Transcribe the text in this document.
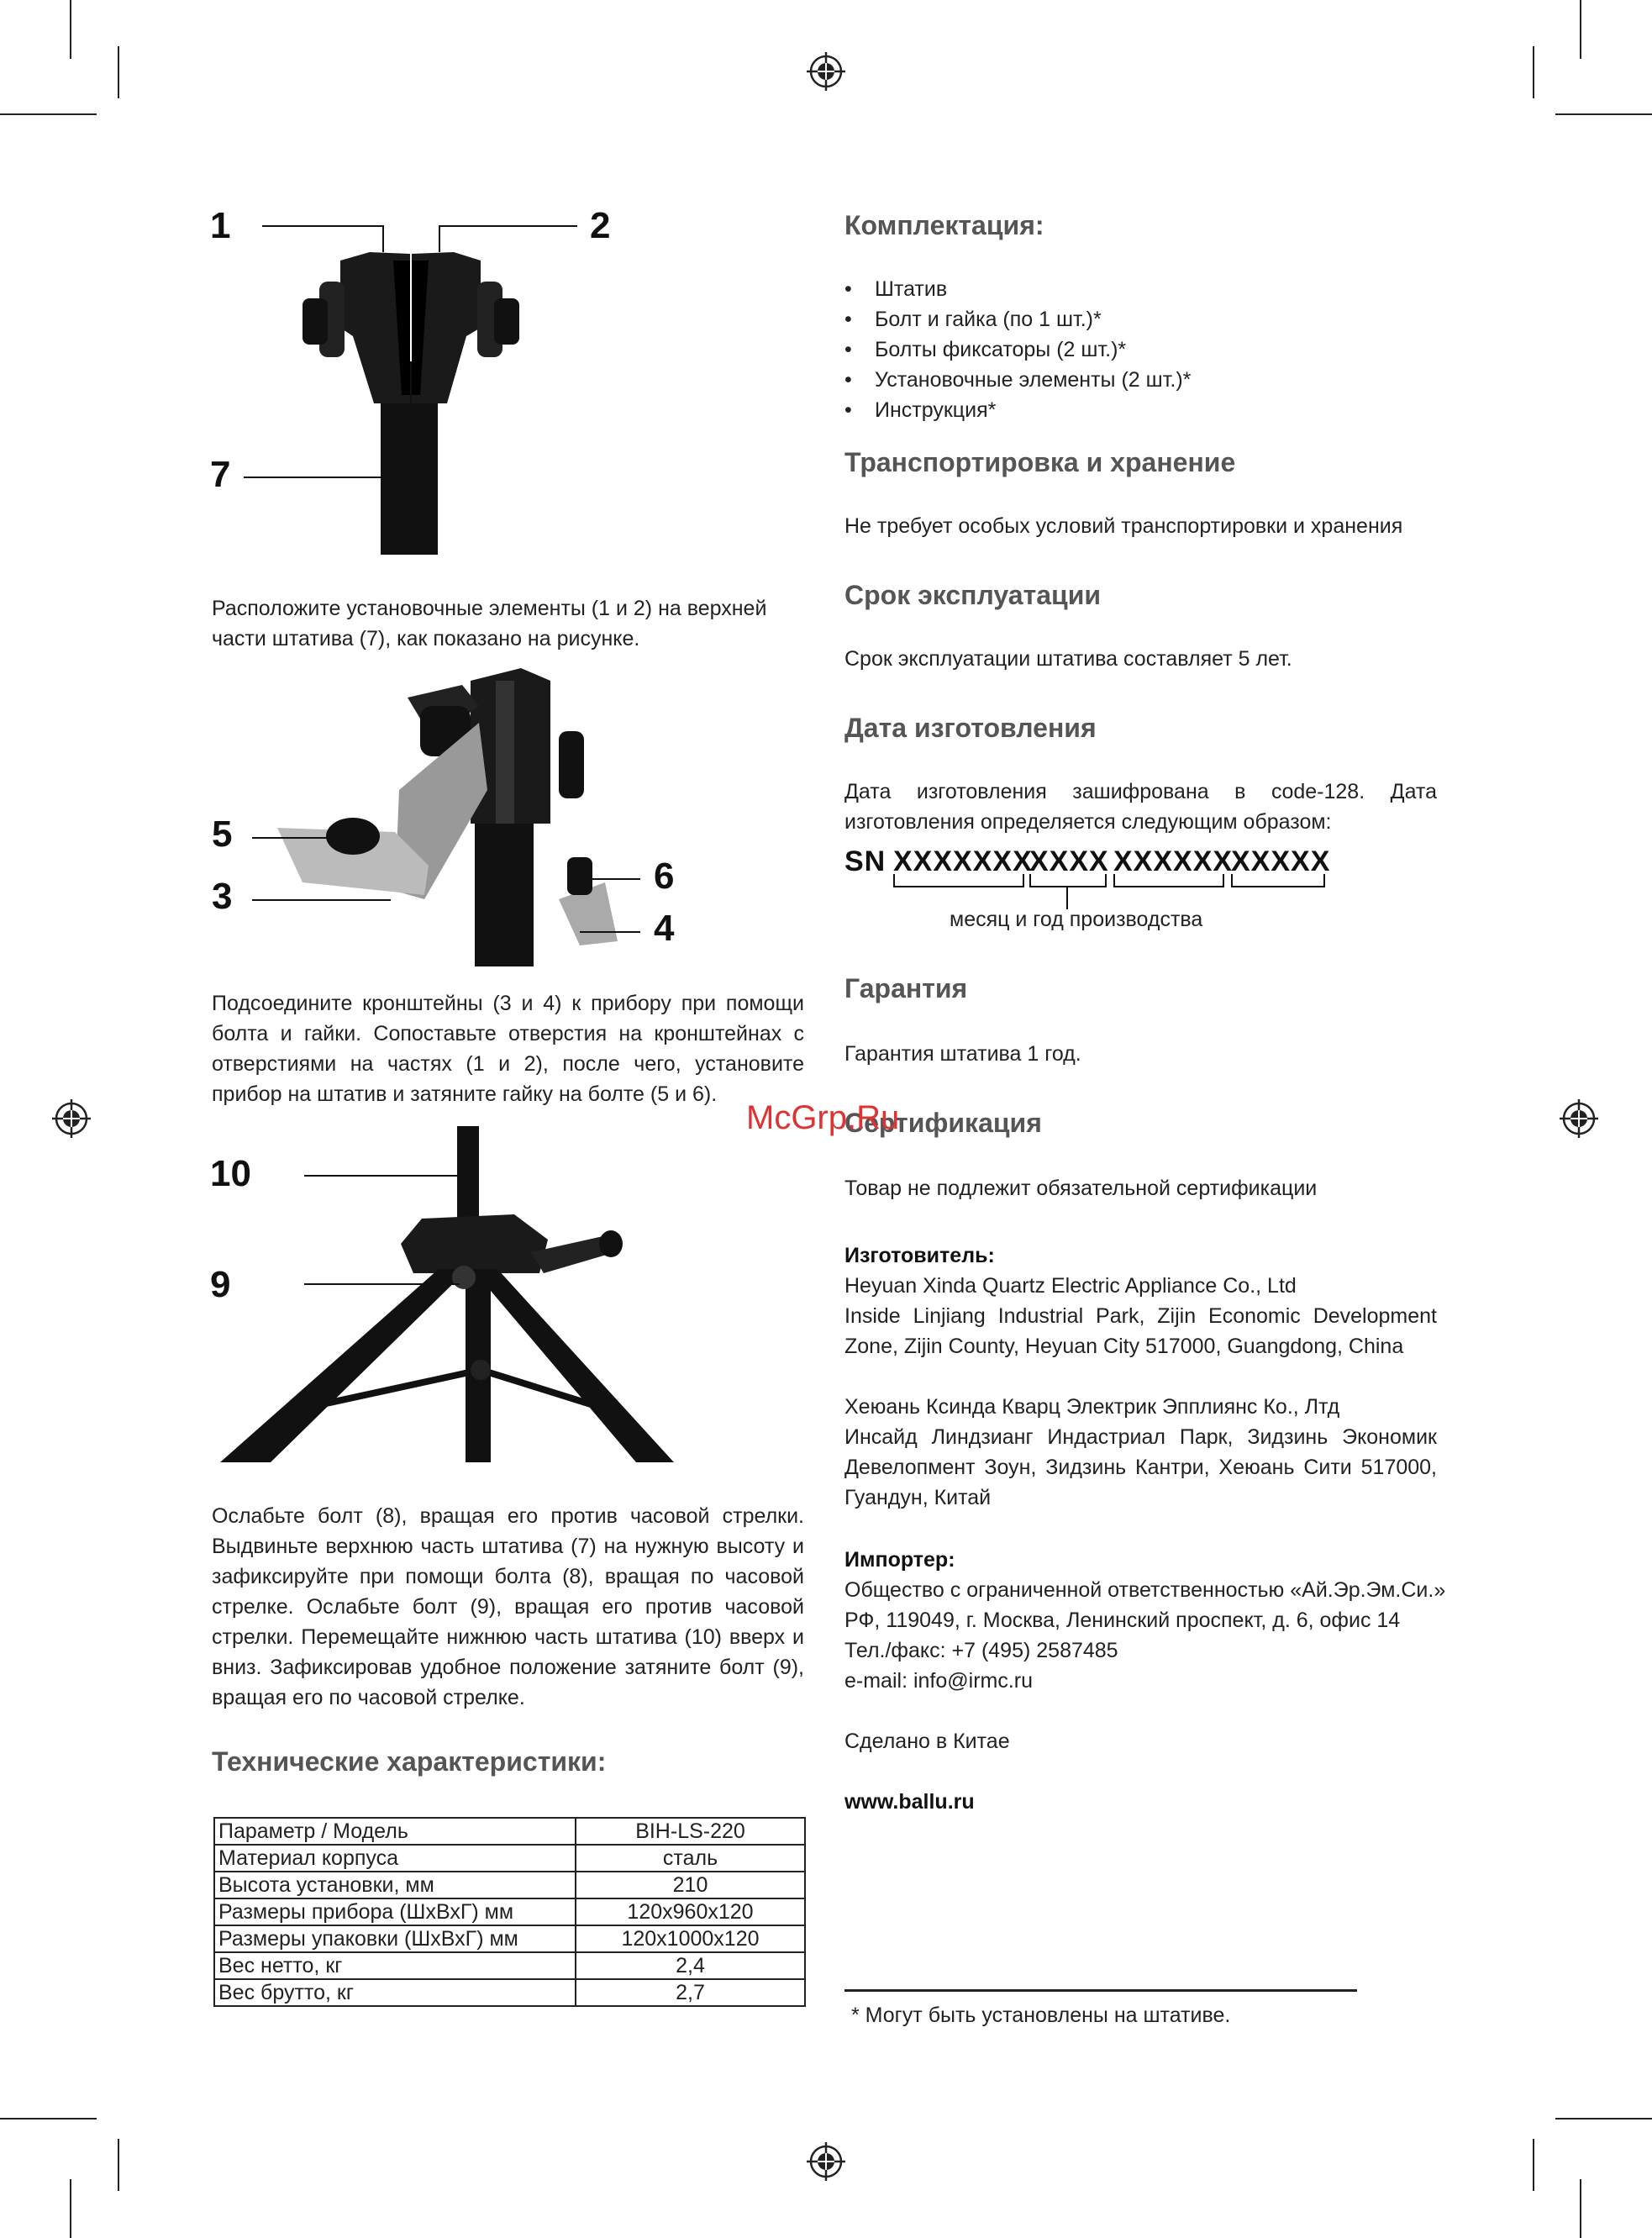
1	2
7
Расположите установочные элементы (1 и 2) на верхней части штатива (7), как показано на рисунке.
5
3	6
4
Подсоедините кронштейны (3 и 4) к прибору при помощи болта и гайки. Сопоставьте отверстия на кронштейнах с отверстиями на частях (1 и 2), после чего, установите прибор на штатив и затяните гайку на болте (5 и 6).
10
9
Ослабьте болт (8), вращая его против часовой стрелки. Выдвиньте верхнюю часть штатива (7) на нужную высоту и зафиксируйте при помощи болта (8), вращая по часовой стрелке. Ослабьте болт (9), вращая его против часовой стрелки. Перемещайте нижнюю часть штатива (10) вверх и вниз. Зафиксировав удобное положение затяните болт (9), вращая его по часовой стрелке.
Технические характеристики:
Параметр / Модель	BIH-LS-220
Материал корпуса	сталь
Высота установки, мм	210
Размеры прибора (ШхВхГ) мм	120х960х120
Размеры упаковки (ШхВхГ) мм	120х1000х120
Вес нетто, кг	2,4
Вес брутто, кг	2,7
Комплектация:
• Штатив
• Болт и гайка (по 1 шт.)*
• Болты фиксаторы (2 шт.)*
• Установочные элементы (2 шт.)*
• Инструкция*
Транспортировка и хранение
Не требует особых условий транспортировки и хранения
Срок эксплуатации
Срок эксплуатации штатива составляет 5 лет.
Дата изготовления
Дата изготовления зашифрована в code-128. Дата изготовления определяется следующим образом:
SN XXXXXXX
XXXX XXXXXX
XXXXX
месяц и год производства
Гарантия
Гарантия штатива 1 год.
Сертификация
McGrp.Ru
Товар не подлежит обязательной сертификации
Изготовитель:
Heyuan Xinda Quartz Electric Appliance Co., Ltd
Inside Linjiang Industrial Park, Zijin Economic Development Zone, Zijin County, Heyuan City 517000, Guangdong, China
Хеюань Ксинда Кварц Электрик Эпплиянс Ко., Лтд
Инсайд Линдзианг Индастриал Парк, Зидзинь Экономик Девелопмент Зоун, Зидзинь Кантри, Хеюань Сити 517000, Гуандун, Китай
Импортер:
Общество с ограниченной ответственностью «Ай.Эр.Эм.Си.»
РФ, 119049, г. Москва, Ленинский проспект, д. 6, офис 14
Тел./факс: +7 (495) 2587485
e-mail: info@irmc.ru
Сделано в Китае
www.ballu.ru
* Могут быть установлены на штативе.
